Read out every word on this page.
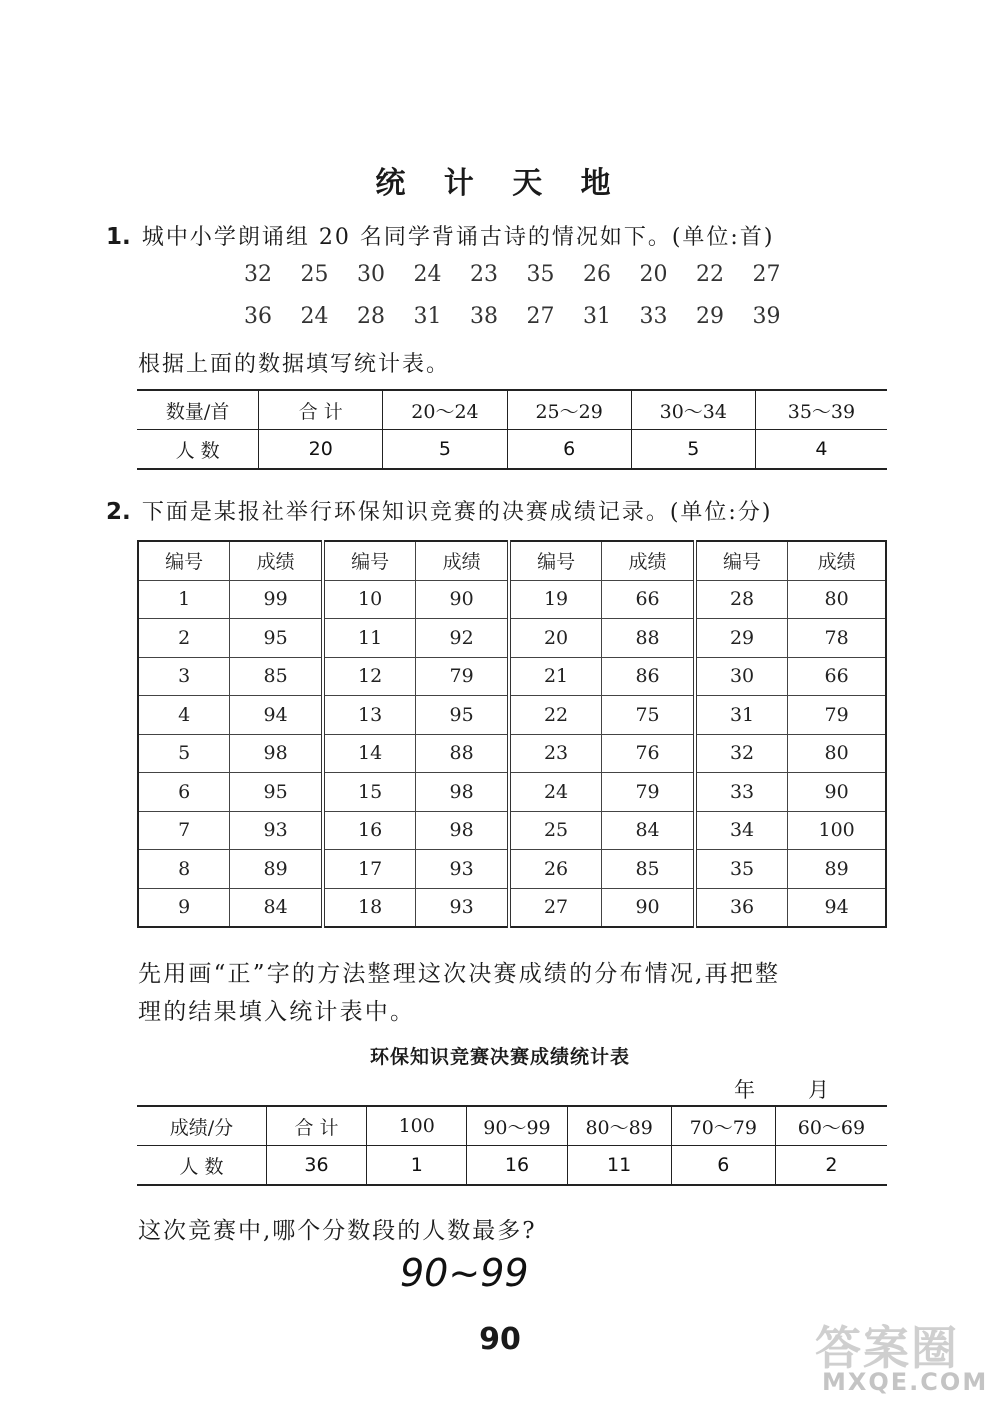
统 计 天 地
1. 城中小学朗诵组 20 名同学背诵古诗的情况如下。(单位:首)
32 25 30 24 23 35 26 20 22 27
36 24 28 31 38 27 31 33 29 39
根据上面的数据填写统计表。
数量/首	合 计	20～24	25～29	30～34	35～39
人 数	20	5	6	5	4
2. 下面是某报社举行环保知识竞赛的决赛成绩记录。(单位:分)
编号	成绩	编号	成绩	编号	成绩	编号	成绩
1	99	10	90	19	66	28	80
2	95	11	92	20	88	29	78
3	85	12	79	21	86	30	66
4	94	13	95	22	75	31	79
5	98	14	88	23	76	32	80
6	95	15	98	24	79	33	90
7	93	16	98	25	84	34	100
8	89	17	93	26	85	35	89
9	84	18	93	27	90	36	94
先用画“正”字的方法整理这次决赛成绩的分布情况,再把整
理的结果填入统计表中。
环保知识竞赛决赛成绩统计表
年 月
成绩/分	合 计	100	90～99	80～89	70～79	60～69
人 数	36	1	16	11	6	2
这次竞赛中,哪个分数段的人数最多?
90~99
90	答案圈
MXQE.COM
